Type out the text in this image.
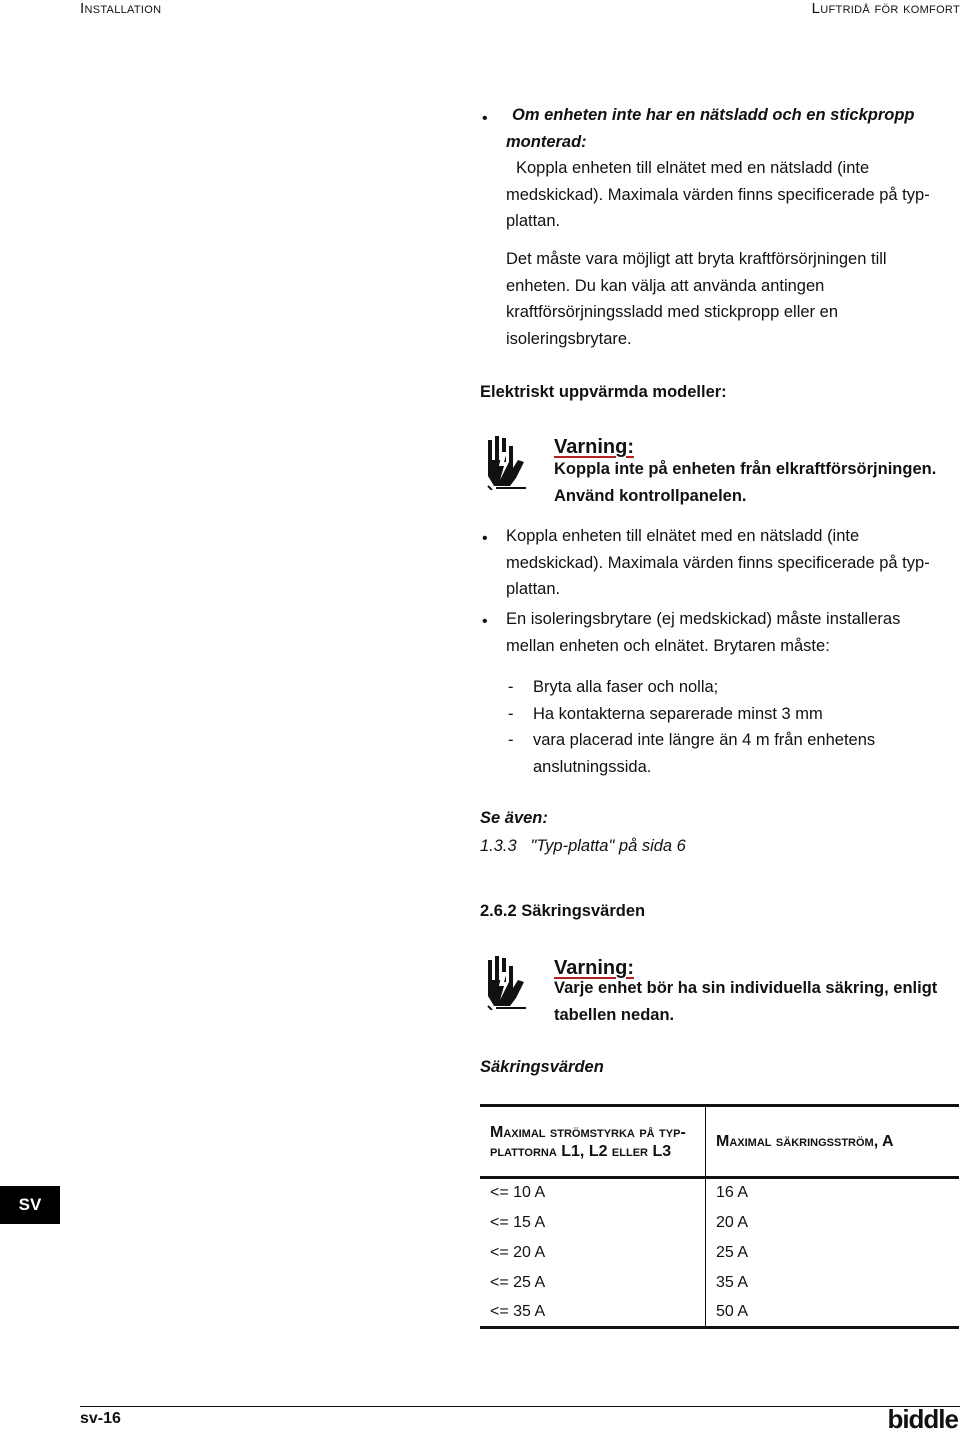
Installation	Luftridå för komfort
•	Om enheten inte har en nätsladd och en stickpropp monterad:
Koppla enheten till elnätet med en nätsladd (inte medskickad). Maximala värden finns specificerade på typ-plattan.
Det måste vara möjligt att bryta kraftförsörjningen till enheten. Du kan välja att använda antingen kraftförsörjningssladd med stickpropp eller en isoleringsbrytare.
Elektriskt uppvärmda modeller:
Varning:
Koppla inte på enheten från elkraftförsörjningen. Använd kontrollpanelen.
• Koppla enheten till elnätet med en nätsladd (inte medskickad). Maximala värden finns specificerade på typ-plattan.
• En isoleringsbrytare (ej medskickad) måste installeras mellan enheten och elnätet. Brytaren måste:
- Bryta alla faser och nolla;
- Ha kontakterna separerade minst 3 mm
- vara placerad inte längre än 4 m från enhetens anslutningssida.
Se även:
1.3.3   "Typ-platta" på sida 6
2.6.2 Säkringsvärden
Varning:
Varje enhet bör ha sin individuella säkring, enligt tabellen nedan.
Säkringsvärden
Maximal strömstyrka på typ-plattorna L1, L2 eller L3	Maximal säkringsström, A
<= 10 A	16 A
<= 15 A	20 A
<= 20 A	25 A
<= 25 A	35 A
<= 35 A	50 A
SV
sv-16	biddle
